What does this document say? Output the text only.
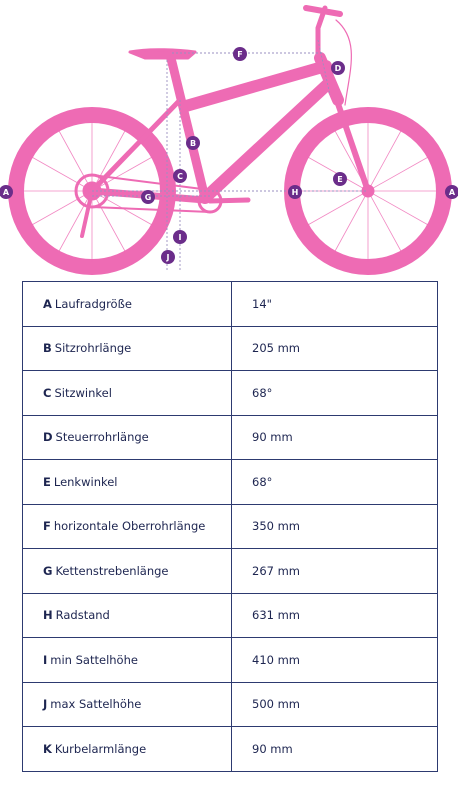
A	A
B
C
D
E
F
G
H
I
J
A Laufradgröße	14"
B Sitzrohrlänge	205 mm
C Sitzwinkel	68°
D Steuerrohrlänge	90 mm
E Lenkwinkel	68°
F horizontale Oberrohrlänge	350 mm
G Kettenstrebenlänge	267 mm
H Radstand	631 mm
I min Sattelhöhe	410 mm
J max Sattelhöhe	500 mm
K Kurbelarmlänge	90 mm
